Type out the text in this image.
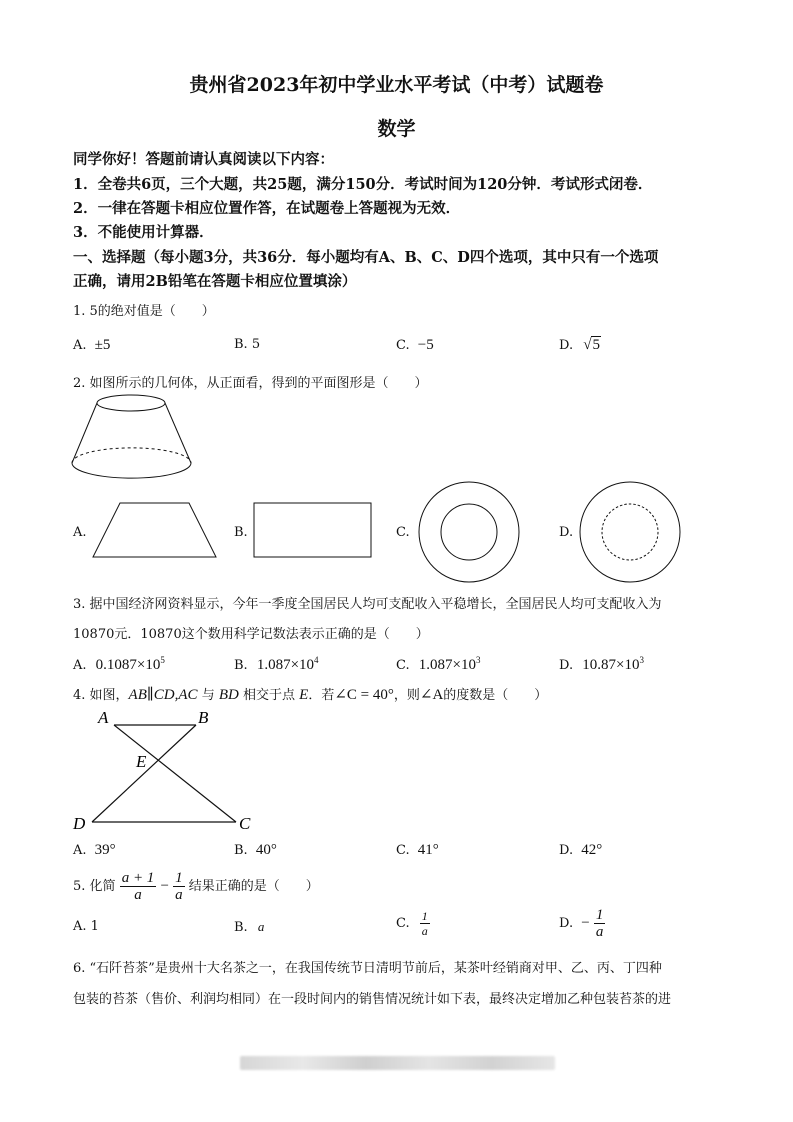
贵州省2023年初中学业水平考试（中考）试题卷
数学
同学你好！答题前请认真阅读以下内容：
1．全卷共6页，三个大题，共25题，满分150分．考试时间为120分钟．考试形式闭卷．
2．一律在答题卡相应位置作答，在试题卷上答题视为无效．
3．不能使用计算器．
一、选择题（每小题3分，共36分．每小题均有A、B、C、D四个选项，其中只有一个选项
正确，请用2B铅笔在答题卡相应位置填涂）
1. 5的绝对值是（　　）
A. ±5	B. 5	C. −5	D. √5
2. 如图所示的几何体，从正面看，得到的平面图形是（　　）
A.	B.	C.	D.
3. 据中国经济网资料显示，今年一季度全国居民人均可支配收入平稳增长，全国居民人均可支配收入为
10870元．10870这个数用科学记数法表示正确的是（　　）
A. $0.1087\times 10^5$	B. $1.087\times 10^4$	C. $1.087\times 10^3$	D. $10.87\times 10^3$
4. 如图，AB∥CD,AC 与 BD 相交于点 E．若∠C = 40°，则∠A的度数是（　　）
A	B
E
D	C
A. 39°	B. 40°	C. 41°	D. 42°
5. 化简 $\frac{a + 1}{a} - \frac{1}{a}$ 结果正确的是（　　）
A. 1	B. a	C. $\frac{1}{a}$	D. − $\frac{1}{a}$
6. “石阡苔茶”是贵州十大名茶之一，在我国传统节日清明节前后，某茶叶经销商对甲、乙、丙、丁四种
包装的苔茶（售价、利润均相同）在一段时间内的销售情况统计如下表，最终决定增加乙种包装苔茶的进
